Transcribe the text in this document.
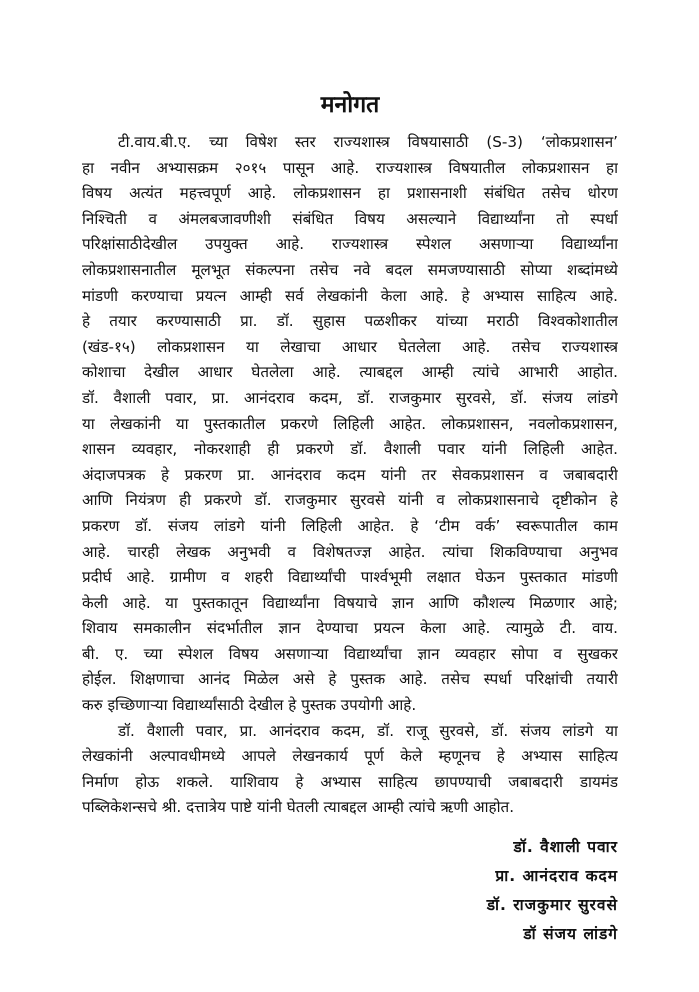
मनोगत
टी.वाय.बी.ए. च्या विषेश स्तर राज्यशास्त्र विषयासाठी (S-3) ‘लोकप्रशासन’
हा नवीन अभ्यासक्रम २०१५ पासून आहे. राज्यशास्त्र विषयातील लोकप्रशासन हा
विषय अत्यंत महत्त्वपूर्ण आहे. लोकप्रशासन हा प्रशासनाशी संबंधित तसेच धोरण
निश्चिती व अंमलबजावणीशी संबंधित विषय असल्याने विद्यार्थ्यांना तो स्पर्धा
परिक्षांसाठीदेखील उपयुक्त आहे. राज्यशास्त्र स्पेशल असणाऱ्या विद्यार्थ्यांना
लोकप्रशासनातील मूलभूत संकल्पना तसेच नवे बदल समजण्यासाठी सोप्या शब्दांमध्ये
मांडणी करण्याचा प्रयत्न आम्ही सर्व लेखकांनी केला आहे. हे अभ्यास साहित्य आहे.
हे तयार करण्यासाठी प्रा. डॉ. सुहास पळशीकर यांच्या मराठी विश्वकोशातील
(खंड-१५) लोकप्रशासन या लेखाचा आधार घेतलेला आहे. तसेच राज्यशास्त्र
कोशाचा देखील आधार घेतलेला आहे. त्याबद्दल आम्ही त्यांचे आभारी आहोत.
डॉ. वैशाली पवार, प्रा. आनंदराव कदम, डॉ. राजकुमार सुरवसे, डॉ. संजय लांडगे
या लेखकांनी या पुस्तकातील प्रकरणे लिहिली आहेत. लोकप्रशासन, नवलोकप्रशासन,
शासन व्यवहार, नोकरशाही ही प्रकरणे डॉ. वैशाली पवार यांनी लिहिली आहेत.
अंदाजपत्रक हे प्रकरण प्रा. आनंदराव कदम यांनी तर सेवकप्रशासन व जबाबदारी
आणि नियंत्रण ही प्रकरणे डॉ. राजकुमार सुरवसे यांनी व लोकप्रशासनाचे दृष्टीकोन हे
प्रकरण डॉ. संजय लांडगे यांनी लिहिली आहेत. हे ‘टीम वर्क’ स्वरूपातील काम
आहे. चारही लेखक अनुभवी व विशेषतज्ज्ञ आहेत. त्यांचा शिकविण्याचा अनुभव
प्रदीर्घ आहे. ग्रामीण व शहरी विद्यार्थ्यांची पार्श्वभूमी लक्षात घेऊन पुस्तकात मांडणी
केली आहे. या पुस्तकातून विद्यार्थ्यांना विषयाचे ज्ञान आणि कौशल्य मिळणार आहे;
शिवाय समकालीन संदर्भातील ज्ञान देण्याचा प्रयत्न केला आहे. त्यामुळे टी. वाय.
बी. ए. च्या स्पेशल विषय असणाऱ्या विद्यार्थ्यांचा ज्ञान व्यवहार सोपा व सुखकर
होईल. शिक्षणाचा आनंद मिळेल असे हे पुस्तक आहे. तसेच स्पर्धा परिक्षांची तयारी
करु इच्छिणाऱ्या विद्यार्थ्यांसाठी देखील हे पुस्तक उपयोगी आहे.
डॉ. वैशाली पवार, प्रा. आनंदराव कदम, डॉ. राजू सुरवसे, डॉ. संजय लांडगे या
लेखकांनी अल्पावधीमध्ये आपले लेखनकार्य पूर्ण केले म्हणूनच हे अभ्यास साहित्य
निर्माण होऊ शकले. याशिवाय हे अभ्यास साहित्य छापण्याची जबाबदारी डायमंड
पब्लिकेशन्सचे श्री. दत्तात्रेय पाष्टे यांनी घेतली त्याबद्दल आम्ही त्यांचे ऋणी आहोत.
डॉ. वैशाली पवार
प्रा. आनंदराव कदम
डॉ. राजकुमार सुरवसे
डॉ संजय लांडगे
